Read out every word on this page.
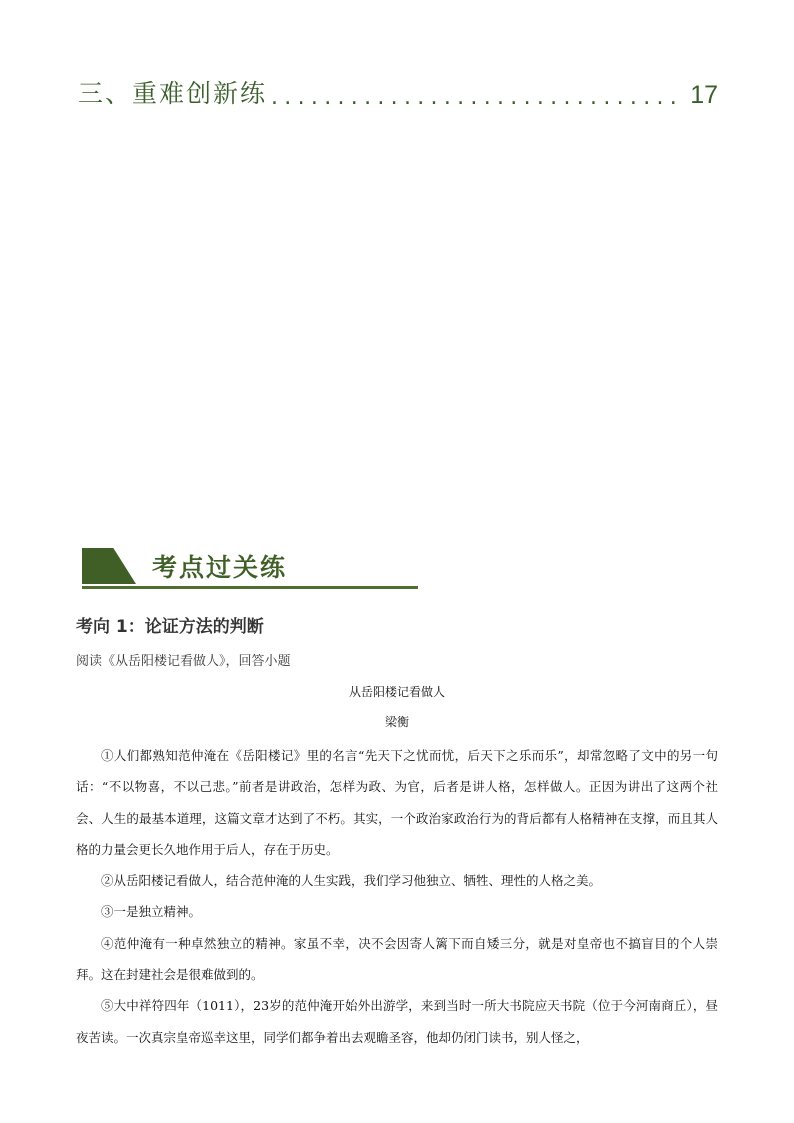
三、重难创新练 ............................... 17
考点过关练
考向 1：论证方法的判断

阅读《从岳阳楼记看做人》，回答小题

从岳阳楼记看做人

梁衡

①人们都熟知范仲淹在《岳阳楼记》里的名言“先天下之忧而忧，后天下之乐而乐”，却常忽略了文中的另一句话：“不以物喜，不以己悲。”前者是讲政治，怎样为政、为官，后者是讲人格，怎样做人。正因为讲出了这两个社会、人生的最基本道理，这篇文章才达到了不朽。其实，一个政治家政治行为的背后都有人格精神在支撑，而且其人格的力量会更长久地作用于后人，存在于历史。

②从岳阳楼记看做人，结合范仲淹的人生实践，我们学习他独立、牺牲、理性的人格之美。

③一是独立精神。

④范仲淹有一种卓然独立的精神。家虽不幸，决不会因寄人篱下而自矮三分，就是对皇帝也不搞盲目的个人崇拜。这在封建社会是很难做到的。

⑤大中祥符四年（1011），23岁的范仲淹开始外出游学，来到当时一所大书院应天书院（位于今河南商丘），昼夜苦读。一次真宗皇帝巡幸这里，同学们都争着出去观瞻圣容，他却仍闭门读书，别人怪之，
